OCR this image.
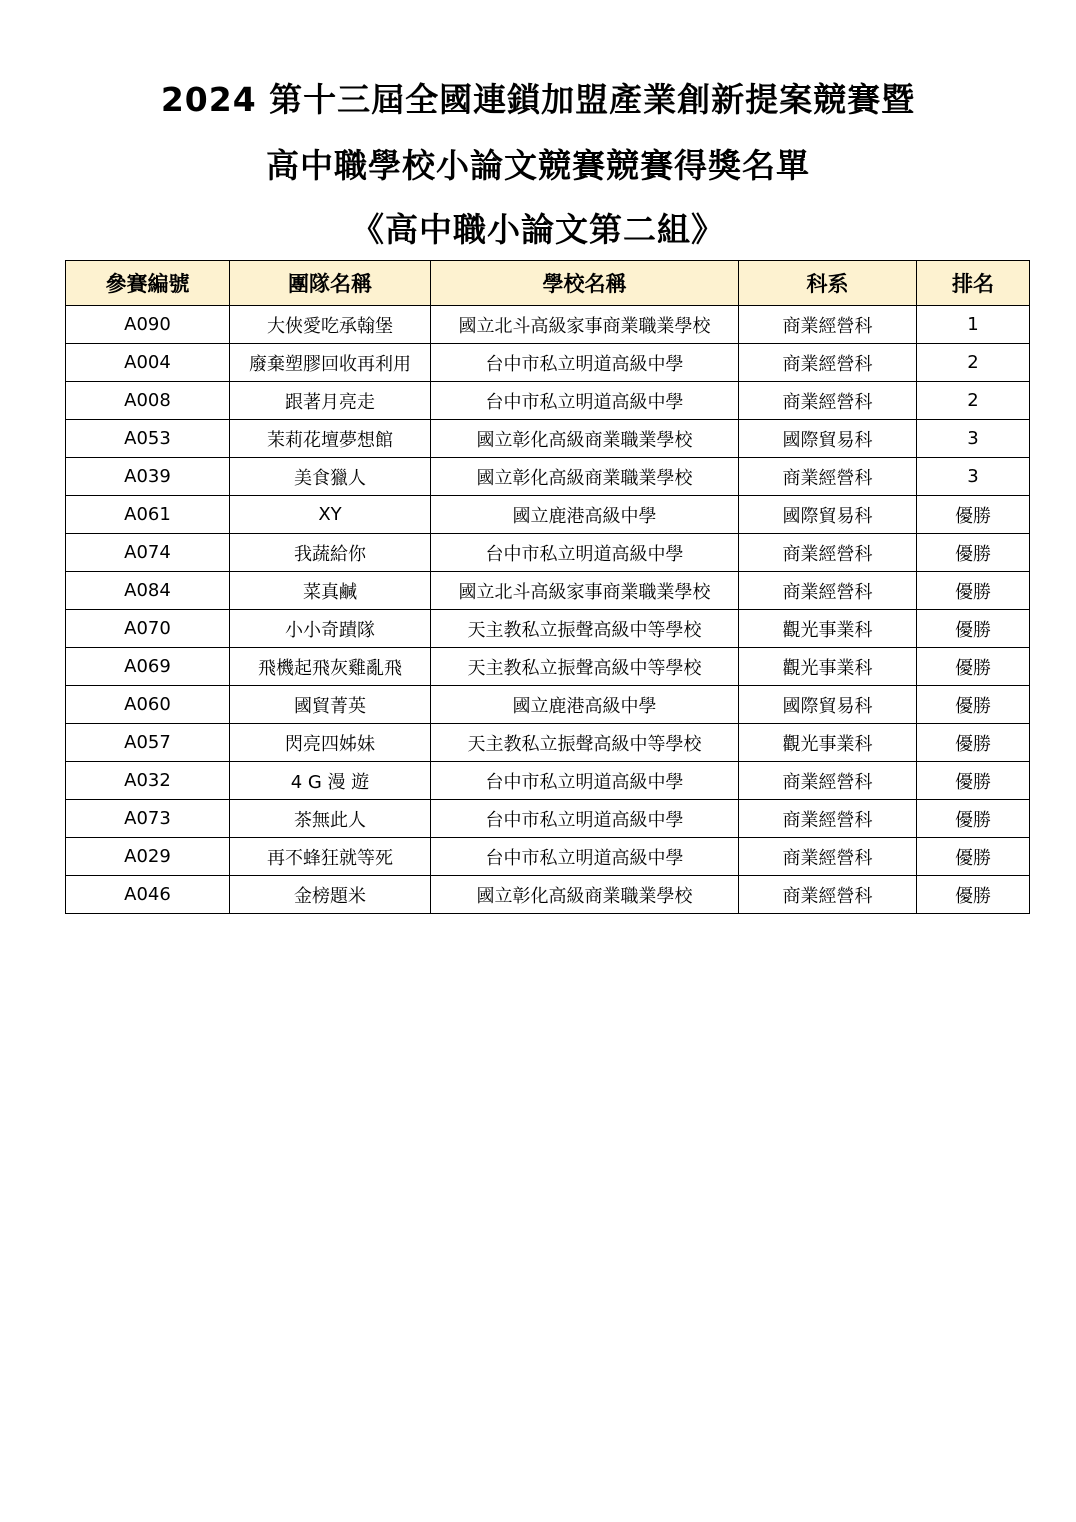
2024 第十三屆全國連鎖加盟產業創新提案競賽暨
高中職學校小論文競賽競賽得獎名單
《高中職小論文第二組》
參賽編號	團隊名稱	學校名稱	科系	排名
A090	大俠愛吃承翰堡	國立北斗高級家事商業職業學校	商業經營科	1
A004	廢棄塑膠回收再利用	台中市私立明道高級中學	商業經營科	2
A008	跟著月亮走	台中市私立明道高級中學	商業經營科	2
A053	茉莉花壇夢想館	國立彰化高級商業職業學校	國際貿易科	3
A039	美食獵人	國立彰化高級商業職業學校	商業經營科	3
A061	XY	國立鹿港高級中學	國際貿易科	優勝
A074	我蔬給你	台中市私立明道高級中學	商業經營科	優勝
A084	菜真鹹	國立北斗高級家事商業職業學校	商業經營科	優勝
A070	小小奇蹟隊	天主教私立振聲高級中等學校	觀光事業科	優勝
A069	飛機起飛灰雞亂飛	天主教私立振聲高級中等學校	觀光事業科	優勝
A060	國貿菁英	國立鹿港高級中學	國際貿易科	優勝
A057	閃亮四姊妹	天主教私立振聲高級中等學校	觀光事業科	優勝
A032	4 G 漫 遊	台中市私立明道高級中學	商業經營科	優勝
A073	茶無此人	台中市私立明道高級中學	商業經營科	優勝
A029	再不蜂狂就等死	台中市私立明道高級中學	商業經營科	優勝
A046	金榜題米	國立彰化高級商業職業學校	商業經營科	優勝
